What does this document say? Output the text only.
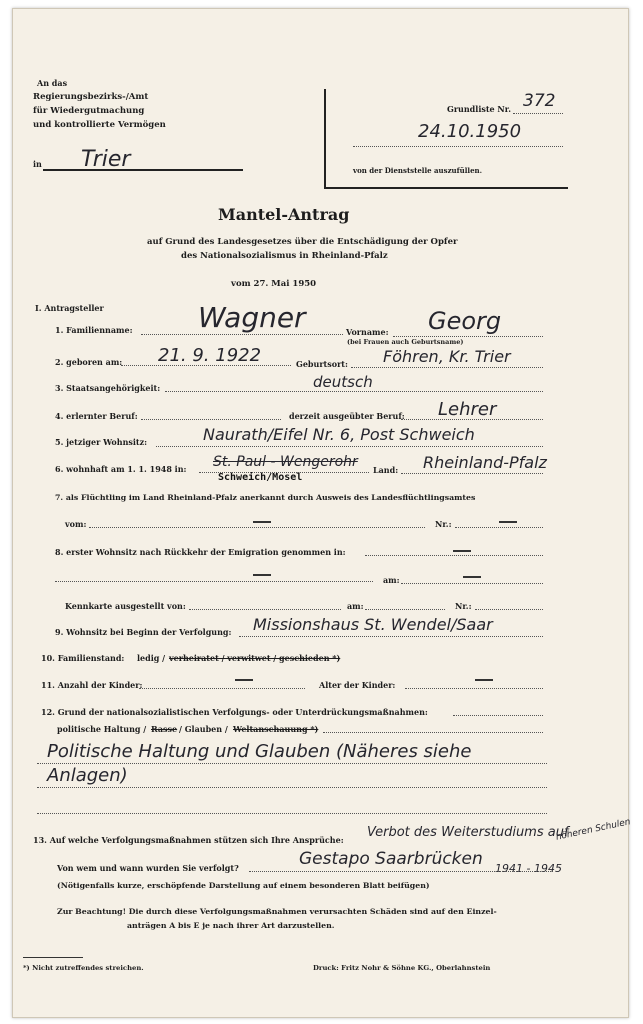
An das
Regierungsbezirks-/Amt
für Wiedergutmachung
und kontrollierte Vermögen
in Trier
Grundliste Nr. 372
24.10.1950
von der Dienststelle auszufüllen.
Mantel-Antrag
auf Grund des Landesgesetzes über die Entschädigung der Opfer
des Nationalsozialismus in Rheinland-Pfalz
vom 27. Mai 1950
I. Antragsteller
1. Familienname: Wagner	Vorname: Georg
(bei Frauen auch Geburtsname)
2. geboren am: 21. 9. 1922	Geburtsort: Föhren, Kr. Trier
3. Staatsangehörigkeit:	deutsch
4. erlernter Beruf:	derzeit ausgeübter Beruf: Lehrer
5. jetziger Wohnsitz:	Naurath/Eifel Nr. 6, Post Schweich
6. wohnhaft am 1. 1. 1948 in: St. Paul - Wengerohr
Schweich/Mosel
Land: Rheinland-Pfalz
7. als Flüchtling im Land Rheinland-Pfalz anerkannt durch Ausweis des Landesflüchtlingsamtes
vom:	Nr.:
8. erster Wohnsitz nach Rückkehr der Emigration genommen in:
am:
Kennkarte ausgestellt von:	am:	Nr.:
9. Wohnsitz bei Beginn der Verfolgung: Missionshaus St. Wendel/Saar
10. Familienstand: ledig / verheiratet / verwitwet / geschieden *)
11. Anzahl der Kinder:	Alter der Kinder:
12. Grund der nationalsozialistischen Verfolgungs- oder Unterdrückungsmaßnahmen:
politische Haltung / Rasse / Glauben / Weltanschauung *)
Politische Haltung und Glauben (Näheres siehe
Anlagen)
13. Auf welche Verfolgungsmaßnahmen stützen sich Ihre Ansprüche: Verbot des Weiterstudiums auf
höheren Schulen
Von wem und wann wurden Sie verfolgt?	Gestapo Saarbrücken 1941 - 1945
(Nötigenfalls kurze, erschöpfende Darstellung auf einem besonderen Blatt beifügen)
Zur Beachtung! Die durch diese Verfolgungsmaßnahmen verursachten Schäden sind auf den Einzel-
anträgen A bis E je nach ihrer Art darzustellen.
*) Nicht zutreffendes streichen.	Druck: Fritz Nohr & Söhne KG., Oberlahnstein
